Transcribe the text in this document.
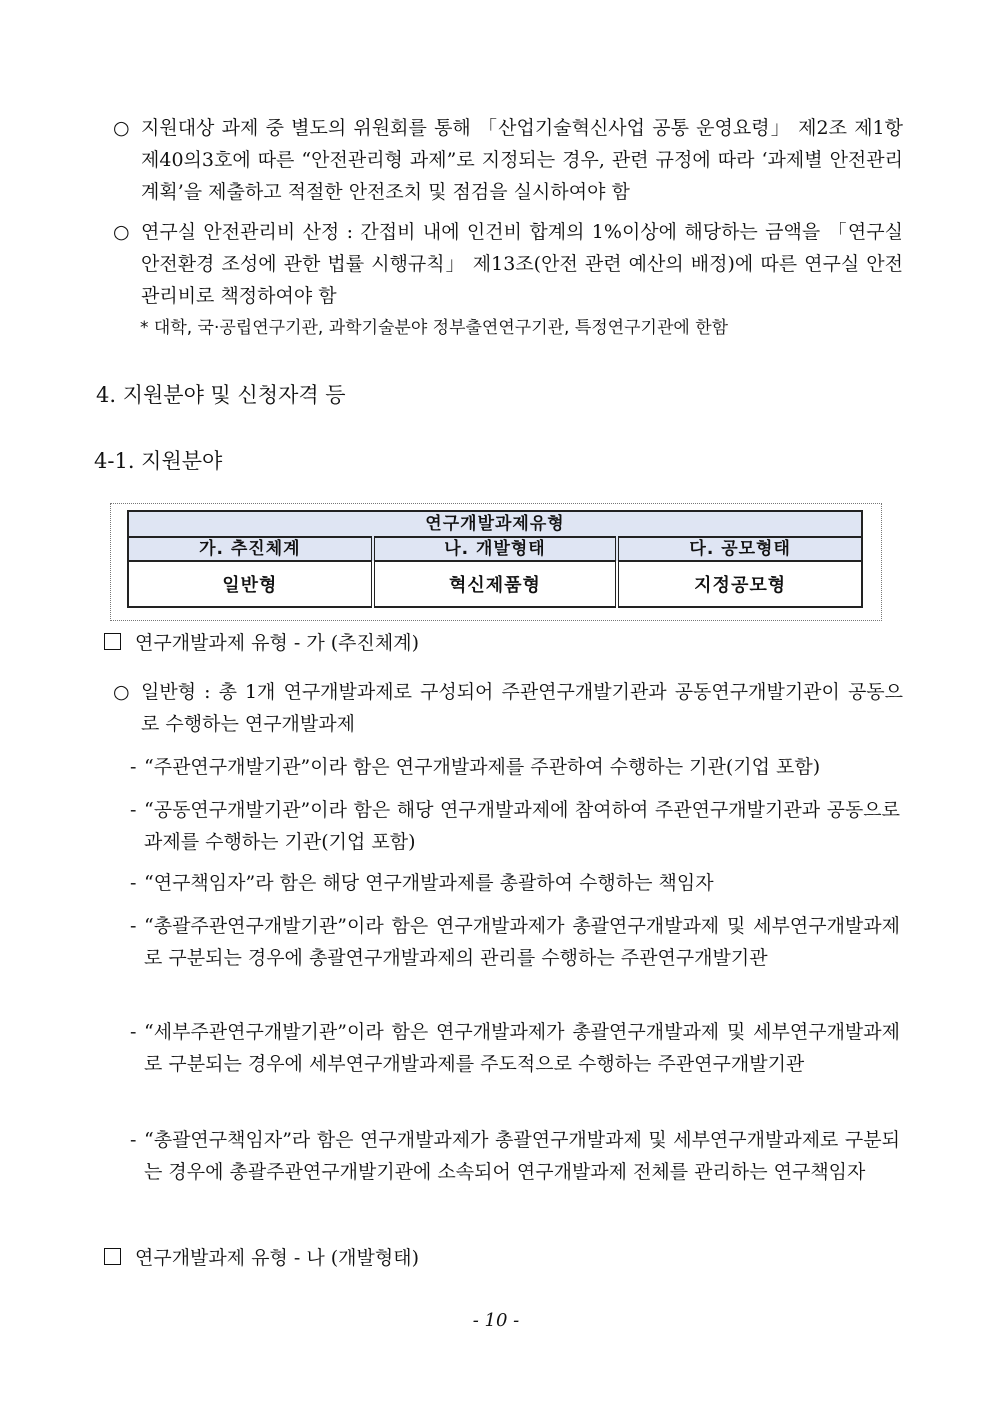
○ 지원대상 과제 중 별도의 위원회를 통해 「산업기술혁신사업 공통 운영요령」 제2조 제1항 제40의3호에 따른 “안전관리형 과제”로 지정되는 경우, 관련 규정에 따라 ‘과제별 안전관리계획’을 제출하고 적절한 안전조치 및 점검을 실시하여야 함
○ 연구실 안전관리비 산정 : 간접비 내에 인건비 합계의 1%이상에 해당하는 금액을 「연구실 안전환경 조성에 관한 법률 시행규칙」 제13조(안전 관련 예산의 배정)에 따른 연구실 안전관리비로 책정하여야 함
* 대학, 국·공립연구기관, 과학기술분야 정부출연연구기관, 특정연구기관에 한함
4. 지원분야 및 신청자격 등
4-1. 지원분야
연구개발과제유형		
가. 추진체계	나. 개발형태	다. 공모형태
일반형	혁신제품형	지정공모형
연구개발과제 유형 - 가 (추진체계)
○ 일반형 : 총 1개 연구개발과제로 구성되어 주관연구개발기관과 공동연구개발기관이 공동으로 수행하는 연구개발과제
- “주관연구개발기관”이라 함은 연구개발과제를 주관하여 수행하는 기관(기업 포함)
- “공동연구개발기관”이라 함은 해당 연구개발과제에 참여하여 주관연구개발기관과 공동으로 과제를 수행하는 기관(기업 포함)
- “연구책임자”라 함은 해당 연구개발과제를 총괄하여 수행하는 책임자
- “총괄주관연구개발기관”이라 함은 연구개발과제가 총괄연구개발과제 및 세부연구개발과제로 구분되는 경우에 총괄연구개발과제의 관리를 수행하는 주관연구개발기관
- “세부주관연구개발기관”이라 함은 연구개발과제가 총괄연구개발과제 및 세부연구개발과제로 구분되는 경우에 세부연구개발과제를 주도적으로 수행하는 주관연구개발기관
- “총괄연구책임자”라 함은 연구개발과제가 총괄연구개발과제 및 세부연구개발과제로 구분되는 경우에 총괄주관연구개발기관에 소속되어 연구개발과제 전체를 관리하는 연구책임자
연구개발과제 유형 - 나 (개발형태)
- 10 -
